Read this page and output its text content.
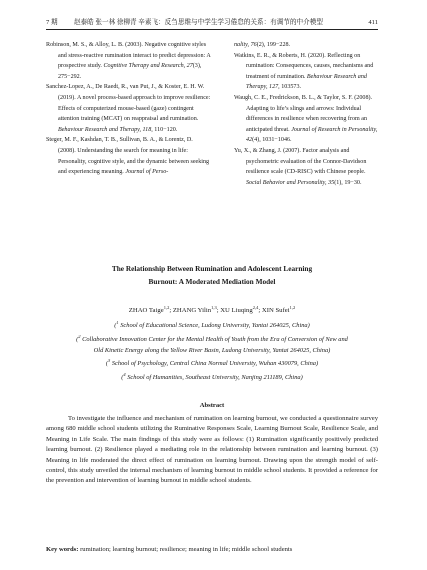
7 期	赵泰皓 张一林 徐柳青 辛素飞：反刍思维与中学生学习倦怠的关系：有调节的中介模型	411

Robinson, M. S., & Alloy, L. B. (2003). Negative cognitive styles and stress-reactive rumination interact to predict depression: A prospective study. Cognitive Therapy and Research, 27(3), 275−292.

Sanchez-Lopez, A., De Raedt, R., van Put, J., & Koster, E. H. W. (2019). A novel process-based approach to improve resilience: Effects of computerized mouse-based (gaze) contingent attention training (MCAT) on reappraisal and rumination. Behaviour Research and Therapy, 118, 110−120.

Steger, M. F., Kashdan, T. B., Sullivan, B. A., & Lorentz, D. (2008). Understanding the search for meaning in life: Personality, cognitive style, and the dynamic between seeking and experiencing meaning. Journal of Perso-

nality, 76(2), 199−228.

Watkins, E. R., & Roberts, H. (2020). Reflecting on rumination: Consequences, causes, mechanisms and treatment of rumination. Behaviour Research and Therapy, 127, 103573.

Waugh, C. E., Fredrickson, B. L., & Taylor, S. F. (2008). Adapting to life’s slings and arrows: Individual differences in resilience when recovering from an anticipated threat. Journal of Research in Personality, 42(4), 1031−1046.

Yu, X., & Zhang, J. (2007). Factor analysis and psychometric evaluation of the Connor-Davidson resilience scale (CD-RISC) with Chinese people. Social Behavior and Personality, 35(1), 19−30.

The Relationship Between Rumination and Adolescent Learning
Burnout: A Moderated Mediation Model
ZHAO Taige$^{1,2}$; ZHANG Yilin$^{1,3}$; XU Liuqing$^{2,4}$; XIN Sufei$^{1,2}$
($^1$ School of Educational Science, Ludong University, Yantai 264025, China)
($^2$ Collaborative Innovation Center for the Mental Health of Youth from the Era of Conversion of New and
Old Kinetic Energy along the Yellow River Basin, Ludong University, Yantai 264025, China)
($^3$ School of Psychology, Central China Normal University, Wuhan 430079, China)
($^4$ School of Humanities, Southeast University, Nanjing 211189, China)
Abstract

To investigate the influence and mechanism of rumination on learning burnout, we conducted a questionnaire survey among 680 middle school students utilizing the Ruminative Responses Scale, Learning Burnout Scale, Resilience Scale, and Meaning in Life Scale. The main findings of this study were as follows: (1) Rumination significantly positively predicted learning burnout. (2) Resilience played a mediating role in the relationship between rumination and learning burnout. (3) Meaning in life moderated the direct effect of rumination on learning burnout. Drawing upon the strength model of self-control, this study unveiled the internal mechanism of learning burnout in middle school students. It provided a reference for the prevention and intervention of learning burnout in middle school students.

Key words: rumination; learning burnout; resilience; meaning in life; middle school students
